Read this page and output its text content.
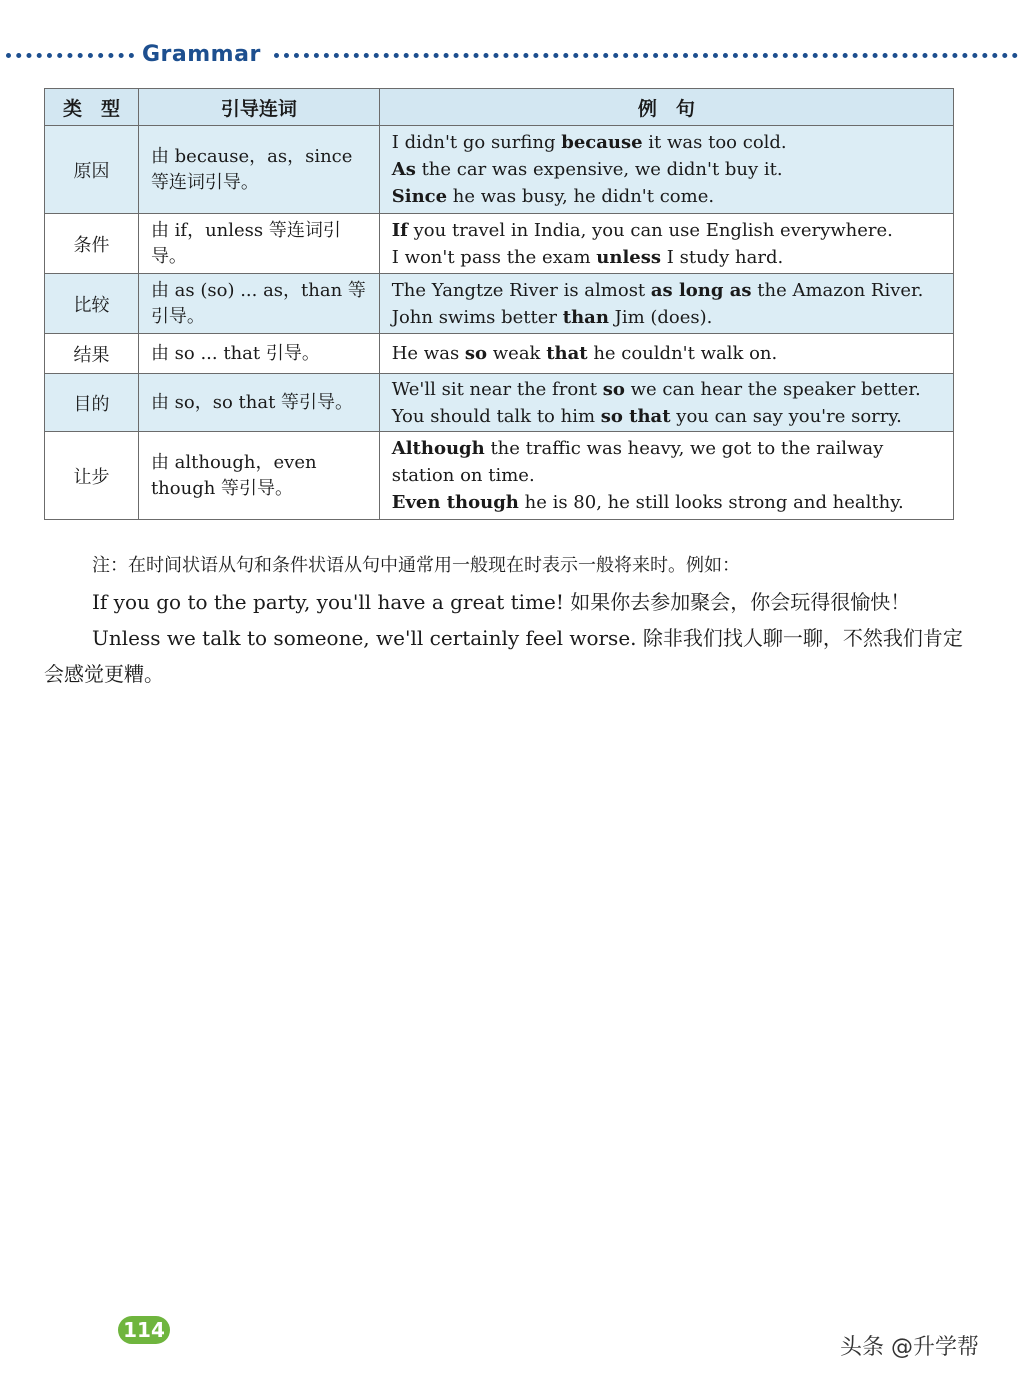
Grammar
类　型	引导连词	例　句
原因	由 because，as，since 等连词引导。	I didn't go surfing because it was too cold.
As the car was expensive, we didn't buy it.
Since he was busy, he didn't come.

条件	由 if，unless 等连词引导。	If you travel in India, you can use English everywhere.
I won't pass the exam unless I study hard.

比较	由 as (so) ... as，than 等引导。	The Yangtze River is almost as long as the Amazon River.
John swims better than Jim (does).

结果	由 so ... that 引导。	He was so weak that he couldn't walk on.

目的	由 so，so that 等引导。	We'll sit near the front so we can hear the speaker better.
You should talk to him so that you can say you're sorry.

让步	由 although，even though 等引导。	Although the traffic was heavy, we got to the railway station on time.
Even though he is 80, he still looks strong and healthy.

注：在时间状语从句和条件状语从句中通常用一般现在时表示一般将来时。例如：

If you go to the party, you'll have a great time! 如果你去参加聚会，你会玩得很愉快！

Unless we talk to someone, we'll certainly feel worse. 除非我们找人聊一聊，不然我们肯定会感觉更糟。

114
头条 @升学帮
